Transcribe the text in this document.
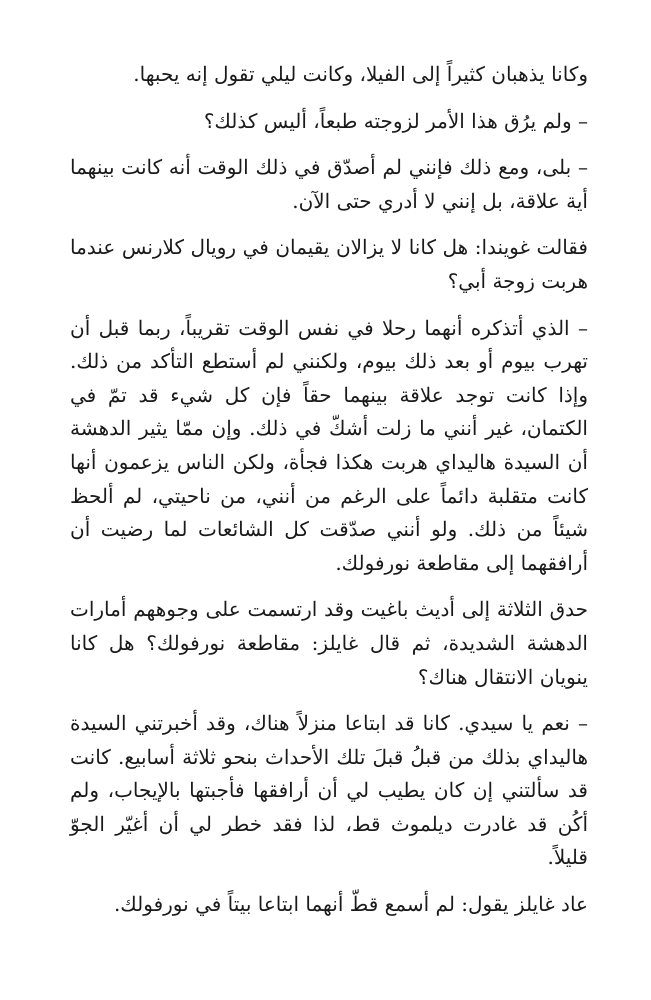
وكانا يذهبان كثيراً إلى الفيلا، وكانت ليلي تقول إنه يحبها.

– ولم يرُق هذا الأمر لزوجته طبعاً، أليس كذلك؟

– بلى، ومع ذلك فإنني لم أصدّق في ذلك الوقت أنه كانت بينهما أية علاقة، بل إنني لا أدري حتى الآن.

فقالت غويندا: هل كانا لا يزالان يقيمان في رويال كلارنس عندما هربت زوجة أبي؟

– الذي أتذكره أنهما رحلا في نفس الوقت تقريباً، ربما قبل أن تهرب بيوم أو بعد ذلك بيوم، ولكنني لم أستطع التأكد من ذلك. وإذا كانت توجد علاقة بينهما حقاً فإن كل شيء قد تمّ في الكتمان، غير أنني ما زلت أشكّ في ذلك. وإن ممّا يثير الدهشة أن السيدة هاليداي هربت هكذا فجأة، ولكن الناس يزعمون أنها كانت متقلبة دائماً على الرغم من أنني، من ناحيتي، لم ألحظ شيئاً من ذلك. ولو أنني صدّقت كل الشائعات لما رضيت أن أرافقهما إلى مقاطعة نورفولك.

حدق الثلاثة إلى أديث باغيت وقد ارتسمت على وجوههم أمارات الدهشة الشديدة، ثم قال غايلز: مقاطعة نورفولك؟ هل كانا ينويان الانتقال هناك؟

– نعم يا سيدي. كانا قد ابتاعا منزلاً هناك، وقد أخبرتني السيدة هاليداي بذلك من قبلُ قبلَ تلك الأحداث بنحو ثلاثة أسابيع. كانت قد سألتني إن كان يطيب لي أن أرافقها فأجبتها بالإيجاب، ولم أكُن قد غادرت ديلموث قط، لذا فقد خطر لي أن أغيّر الجوّ قليلاً.

عاد غايلز يقول: لم أسمع قطّ أنهما ابتاعا بيتاً في نورفولك.
